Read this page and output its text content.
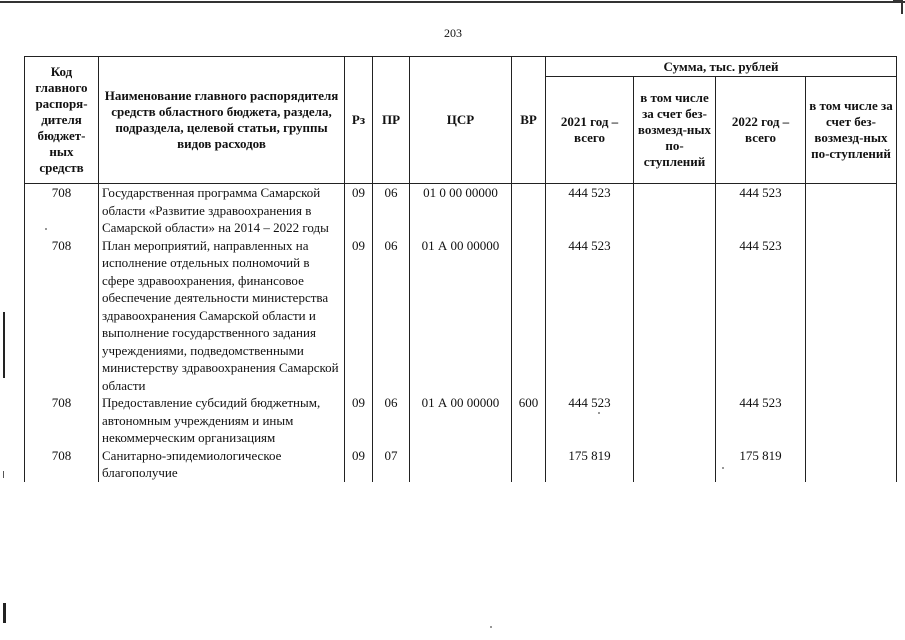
203
Код главного распоря-дителя бюджет-ных средств	Наименование главного распорядителя средств областного бюджета, раздела, подраздела, целевой статьи, группы видов расходов	Рз	ПР	ЦСР	ВР	Сумма, тыс. рублей			
						2021 год – всего	в том числе за счет без-возмезд-ных по-ступлений	2022 год – всего	в том числе за счет без-возмезд-ных по-ступлений
708	Государственная программа Самарской области «Развитие здравоохранения в Самарской области» на 2014 – 2022 годы	09	06	01 0 00 00000		444 523		444 523	
708	План мероприятий, направленных на исполнение отдельных полномочий в сфере здравоохранения, финансовое обеспечение деятельности министерства здравоохранения Самарской области и выполнение государственного задания учреждениями, подведомственными министерству здравоохранения Самарской области	09	06	01 А 00 00000		444 523		444 523	
708	Предоставление субсидий бюджетным, автономным учреждениям и иным некоммерческим организациям	09	06	01 А 00 00000	600	444 523		444 523	
708	Санитарно-эпидемиологическое благополучие	09	07			175 819		175 819	
